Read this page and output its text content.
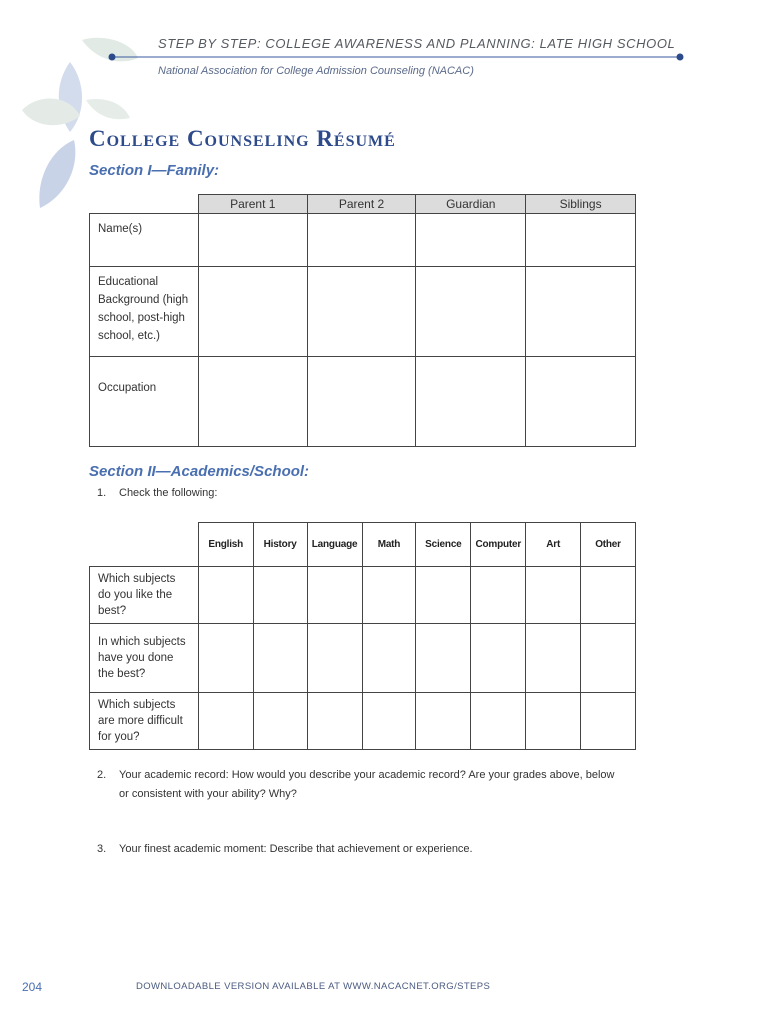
STEP BY STEP: COLLEGE AWARENESS AND PLANNING: LATE HIGH SCHOOL
National Association for College Admission Counseling (NACAC)
College Counseling Résumé
Section I—Family:
	Parent 1	Parent 2	Guardian	Siblings
Name(s)				
Educational Background (high school, post-high school, etc.)				
Occupation				
Section II—Academics/School:
1. Check the following:
	English	History	Language	Math	Science	Computer	Art	Other
Which subjects do you like the best?								
In which subjects have you done the best?								
Which subjects are more difficult for you?								
2.	Your academic record: How would you describe your academic record? Are your grades above, below or consistent with your ability? Why?
3.	Your finest academic moment: Describe that achievement or experience.
204	DOWNLOADABLE VERSION AVAILABLE AT WWW.NACACNET.ORG/STEPS
